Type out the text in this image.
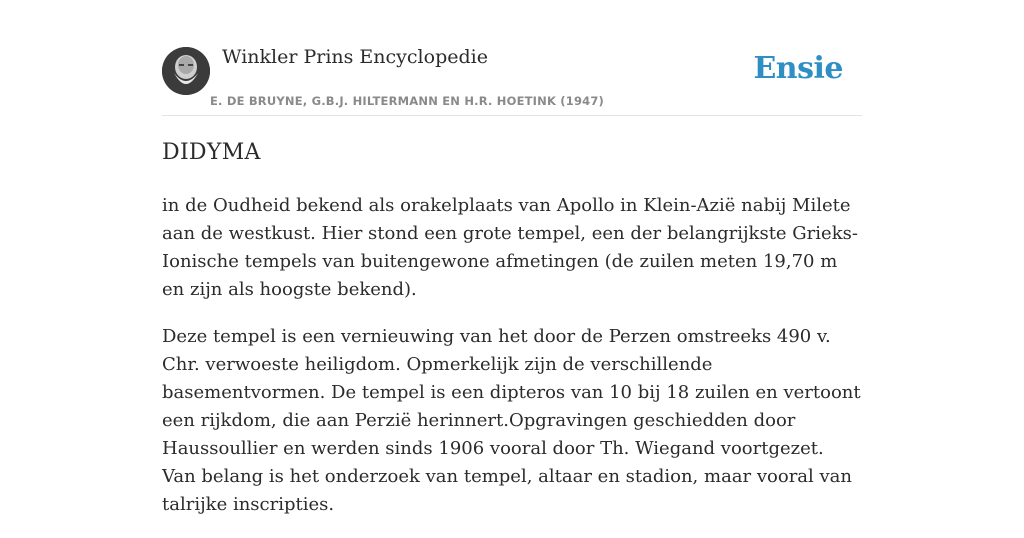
Winkler Prins Encyclopedie
E. DE BRUYNE, G.B.J. HILTERMANN EN H.R. HOETINK (1947)
Ensie
DIDYMA

in de Oudheid bekend als orakelplaats van Apollo in Klein-Azië nabij Milete aan de westkust. Hier stond een grote tempel, een der belangrijkste Grieks-Ionische tempels van buitengewone afmetingen (de zuilen meten 19,70 m en zijn als hoogste bekend).

Deze tempel is een vernieuwing van het door de Perzen omstreeks 490 v. Chr. verwoeste heiligdom. Opmerkelijk zijn de verschillende basementvormen. De tempel is een dipteros van 10 bij 18 zuilen en vertoont een rijkdom, die aan Perzië herinnert.Opgravingen geschiedden door Haussoullier en werden sinds 1906 vooral door Th. Wiegand voortgezet. Van belang is het onderzoek van tempel, altaar en stadion, maar vooral van talrijke inscripties.
